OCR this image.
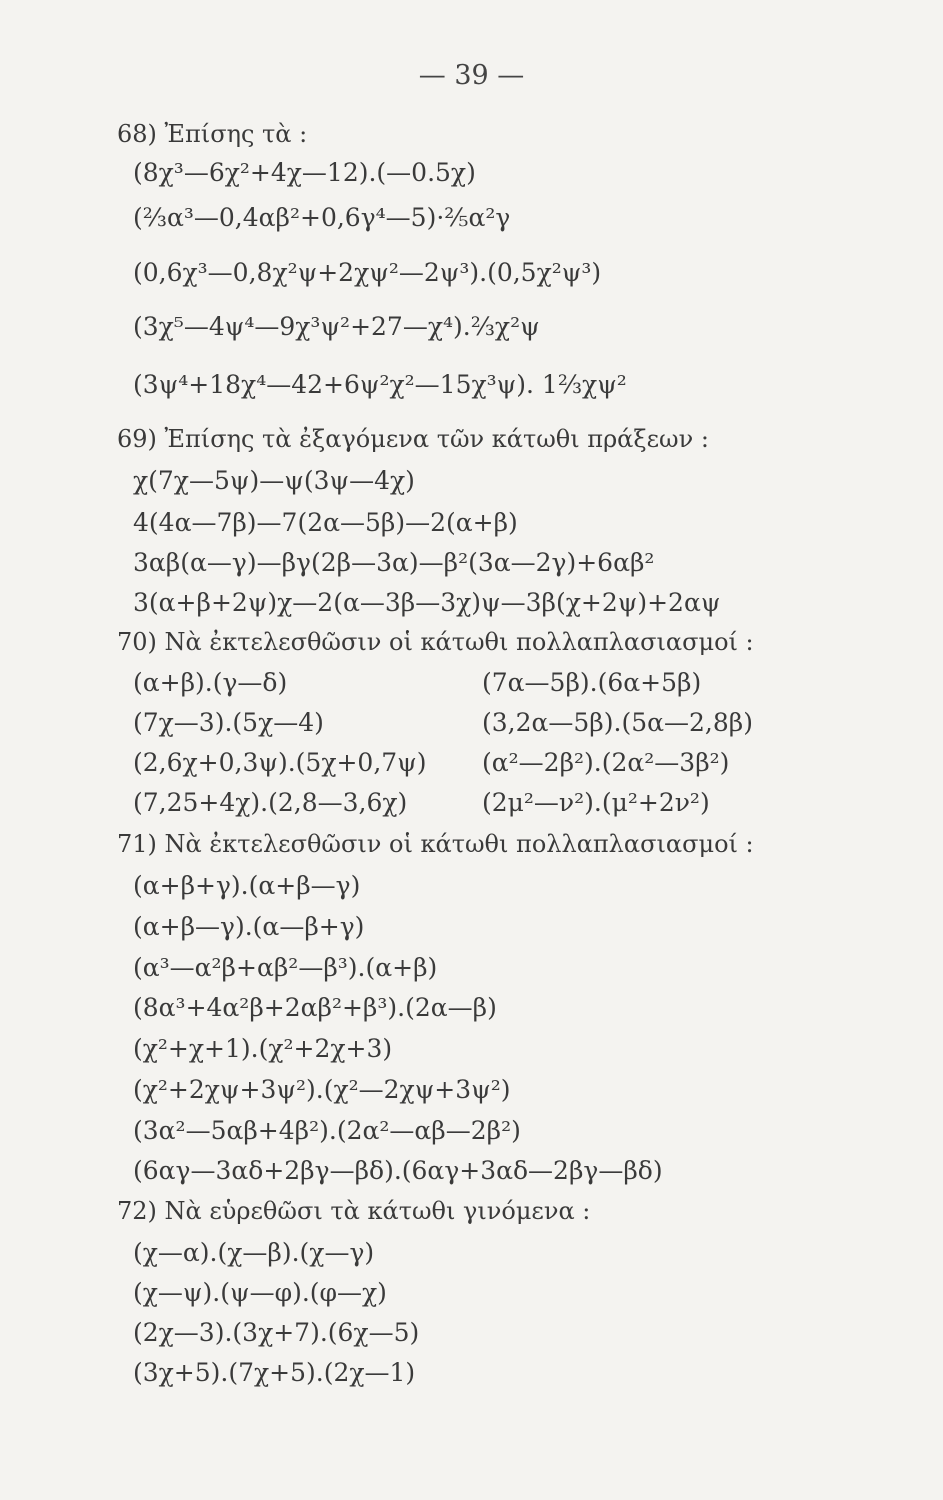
— 39 —
68) Ἐπίσης τὰ :
(8χ³—6χ²+4χ—12).(—0.5χ)
(⅔α³—0,4αβ²+0,6γ⁴—5)·⅖α²γ
(0,6χ³—0,8χ²ψ+2χψ²—2ψ³).(0,5χ²ψ³)
(3χ⁵—4ψ⁴—9χ³ψ²+27—χ⁴).⅔χ²ψ
(3ψ⁴+18χ⁴—42+6ψ²χ²—15χ³ψ). 1⅔χψ²
69) Ἐπίσης τὰ ἐξαγόμενα τῶν κάτωθι πράξεων :
χ(7χ—5ψ)—ψ(3ψ—4χ)
4(4α—7β)—7(2α—5β)—2(α+β)
3αβ(α—γ)—βγ(2β—3α)—β²(3α—2γ)+6αβ²
3(α+β+2ψ)χ—2(α—3β—3χ)ψ—3β(χ+2ψ)+2αψ
70) Νὰ ἐκτελεσθῶσιν οἱ κάτωθι πολλαπλασιασμοί :
(α+β).(γ—δ)
(7χ—3).(5χ—4)
(2,6χ+0,3ψ).(5χ+0,7ψ)
(7,25+4χ).(2,8—3,6χ)
(7α—5β).(6α+5β)
(3,2α—5β).(5α—2,8β)
(α²—2β²).(2α²—3β²)
(2μ²—ν²).(μ²+2ν²)
71) Νὰ ἐκτελεσθῶσιν οἱ κάτωθι πολλαπλασιασμοί :
(α+β+γ).(α+β—γ)
(α+β—γ).(α—β+γ)
(α³—α²β+αβ²—β³).(α+β)
(8α³+4α²β+2αβ²+β³).(2α—β)
(χ²+χ+1).(χ²+2χ+3)
(χ²+2χψ+3ψ²).(χ²—2χψ+3ψ²)
(3α²—5αβ+4β²).(2α²—αβ—2β²)
(6αγ—3αδ+2βγ—βδ).(6αγ+3αδ—2βγ—βδ)
72) Νὰ εὑρεθῶσι τὰ κάτωθι γινόμενα :
(χ—α).(χ—β).(χ—γ)
(χ—ψ).(ψ—φ).(φ—χ)
(2χ—3).(3χ+7).(6χ—5)
(3χ+5).(7χ+5).(2χ—1)
